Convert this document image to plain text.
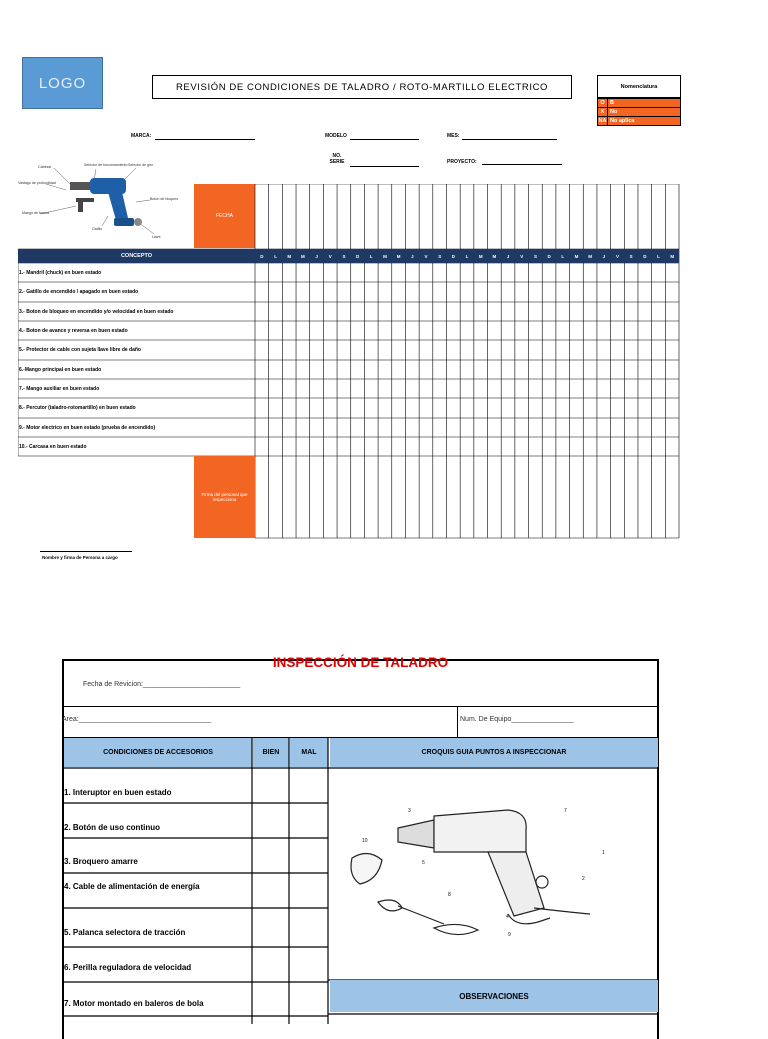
LOGO	REVISIÓN DE CONDICIONES DE TALADRO / ROTO-MARTILLO ELECTRICO	Nomenclatura
O B
X	No
NA No aplica
MARCA:	MODELO	MES:
NO. SERIE	PROYECTO:
Cabezal	Selector de funcionamiento Selector de giro
Vastago de profundidad
Botón de bloqueo
Mango de fuerza
Gatillo
Llave
FECHA
CONCEPTO	D	L	M	M	J	V	S	D	L	M	M	J	V	S	D	L	M	M	J	V	S	D	L	M	M	J	V	S	D	L	M
1.- Mandril (chuck) en buen estado
2.- Gatillo de encendido / apagado en buen estado
3.- Boton de bloqueo en encendido y/o velocidad en buen estado
4.- Boton de avance y reversa en buen estado
5.- Protector de cable con sujeta llave libre de daño
6.-Mango principal en buen estado
7.- Mango auxiliar en buen estado
8.- Percutor (taladro-rotomartillo) en buen estado
9.- Motor electrico en buen estado (prueba de encendido)
10.- Carcasa en buen estado
Firma del personal que inspecciona
Nombre y firma de Persona a cargo
INSPECCIÓN DE TALADRO
Fecha de Revicion:_________________________
Area:__________________________________	Num. De Equipo________________
CONDICIONES DE ACCESORIOS	BIEN	MAL	CROQUIS GUIA PUNTOS A INSPECCIONAR
OBSERVACIONES
1. Interuptor en buen estado
2. Botón de uso continuo
3. Broquero amarre
4. Cable de alimentación de energía
5. Palanca selectora de tracción
6. Perilla reguladora de velocidad
7. Motor montado en baleros de bola
3	7
1
5
2
10
8
4
9
